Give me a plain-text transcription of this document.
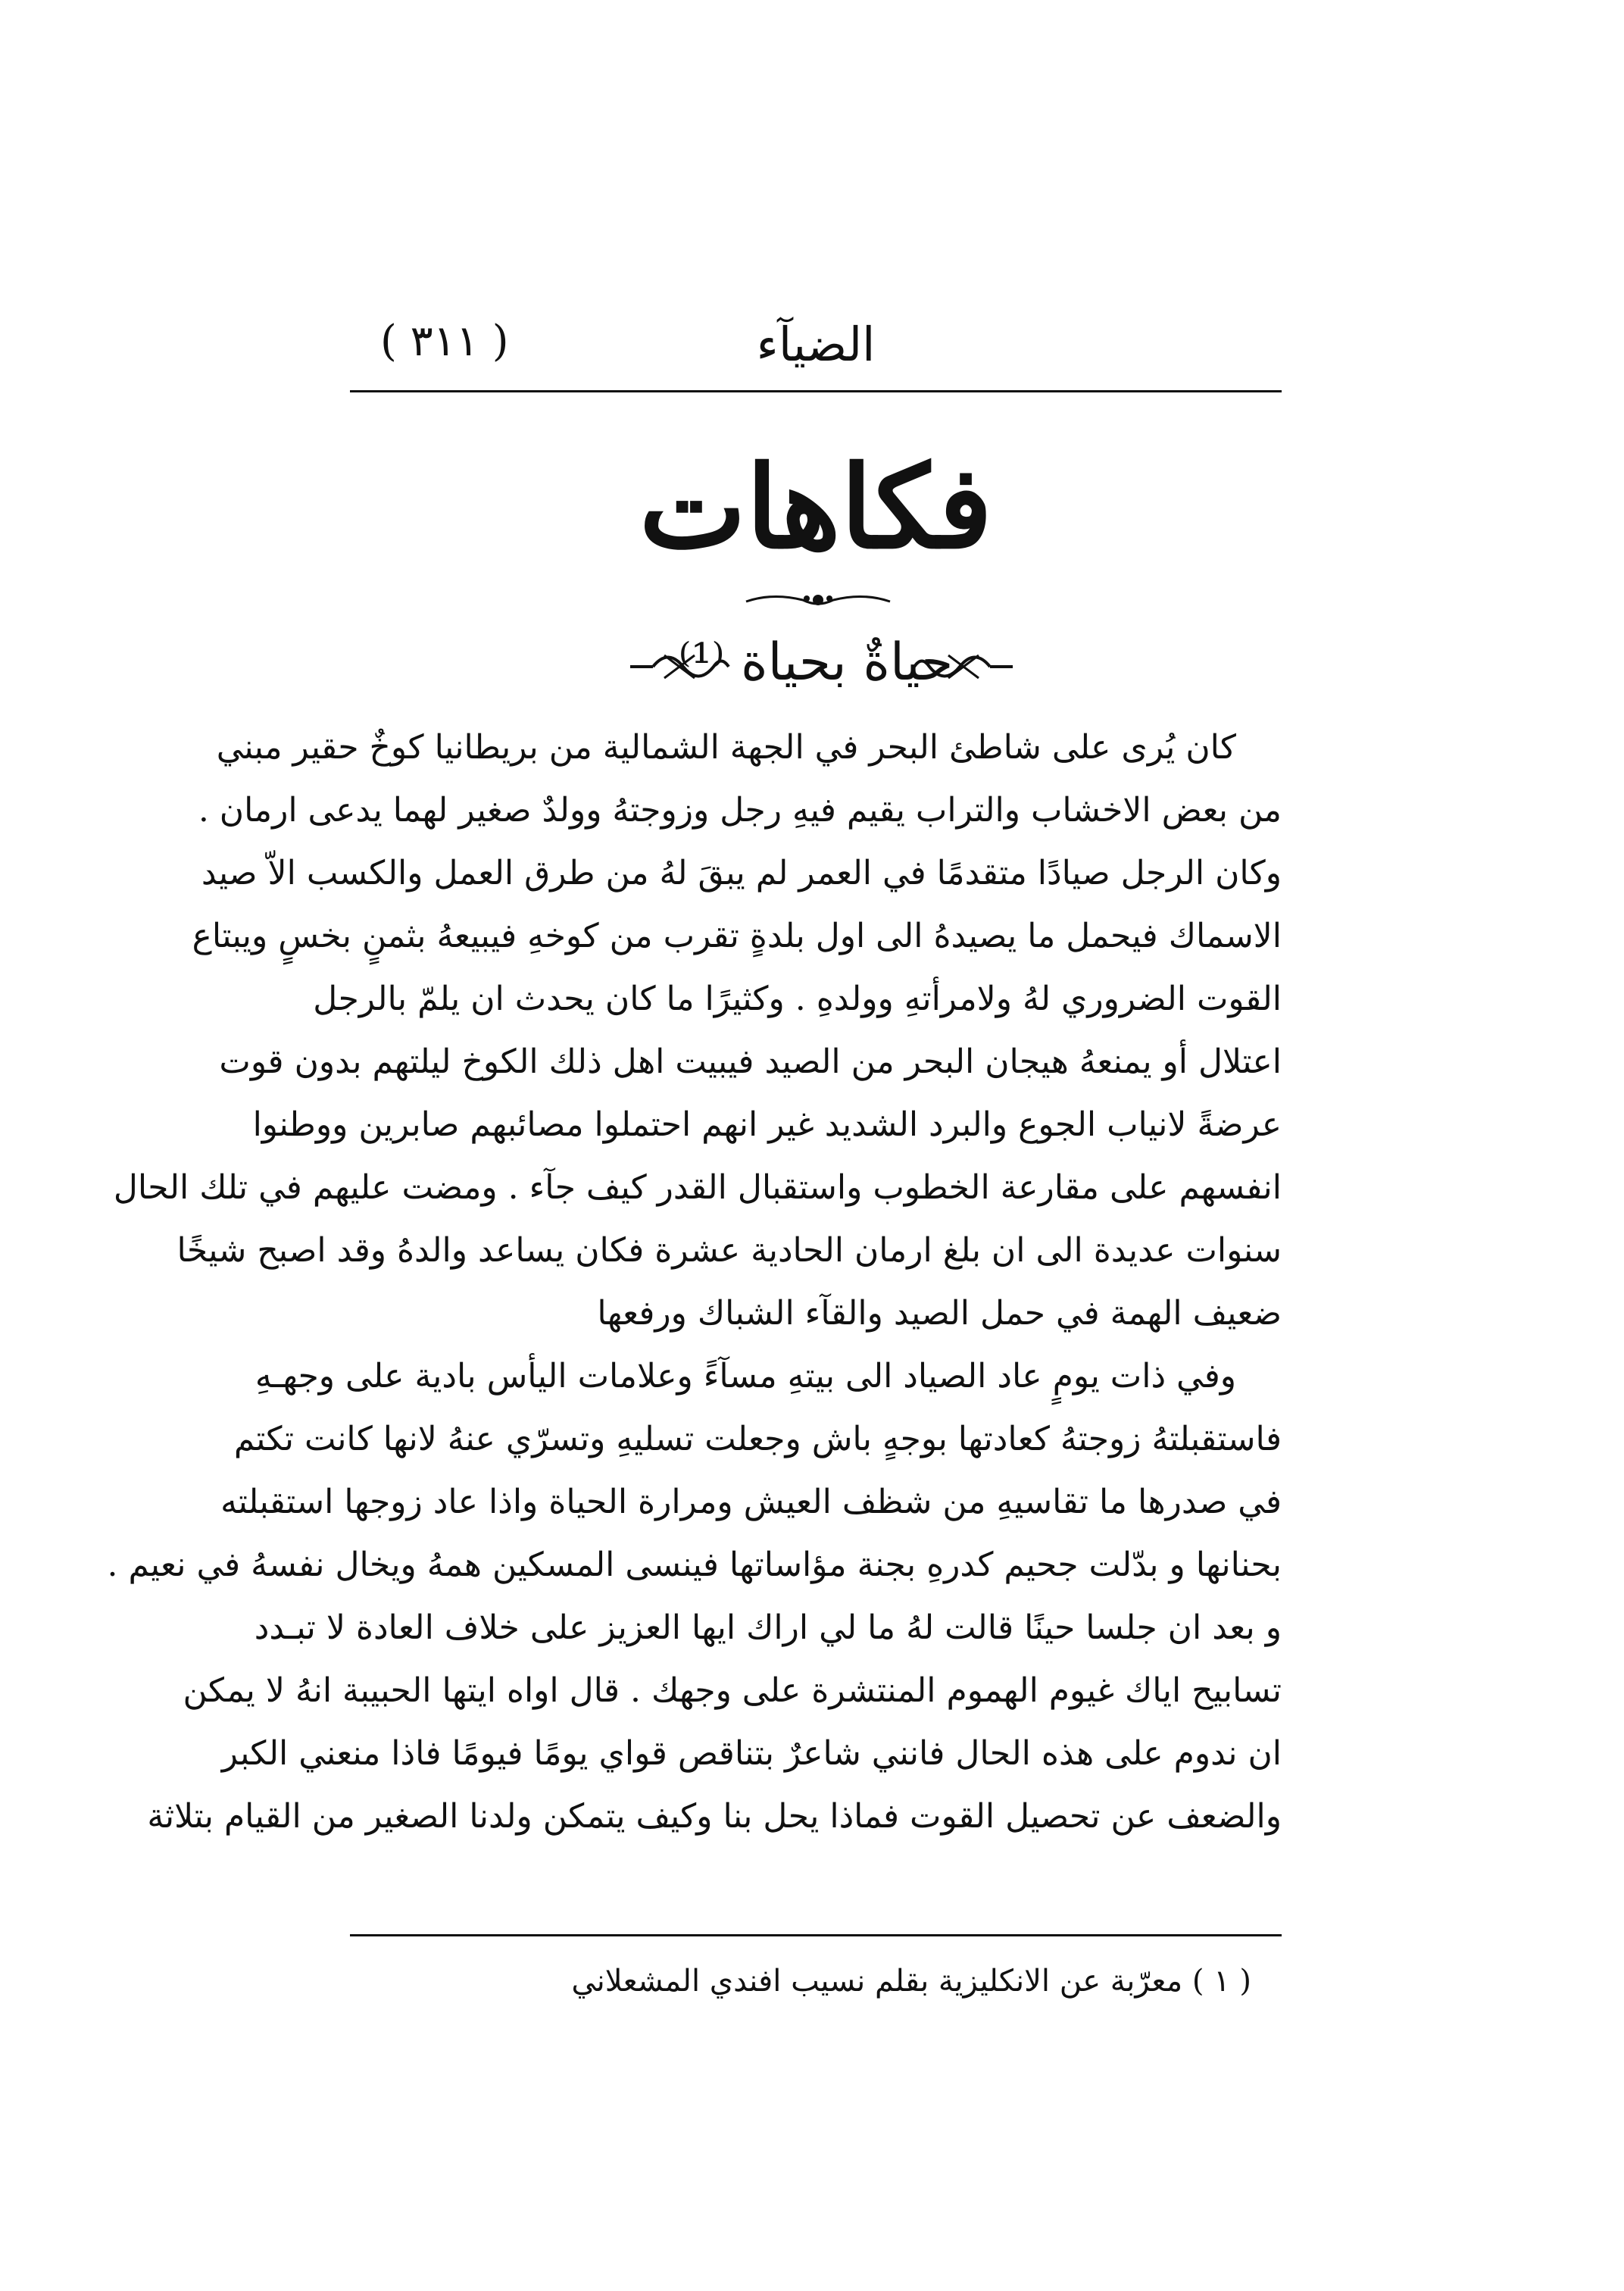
الضيآء
( ٣١١ )
فكاهات
حياةٌ بحياة ⁽¹⁾
كان يُرى على شاطئ البحر في الجهة الشمالية من بريطانيا كوخٌ حقير مبني
من بعض الاخشاب والتراب يقيم فيهِ رجل وزوجتهُ وولدٌ صغير لهما يدعى ارمان .
وكان الرجل صيادًا متقدمًا في العمر لم يبقَ لهُ من طرق العمل والكسب الاّ صيد
الاسماك فيحمل ما يصيدهُ الى اول بلدةٍ تقرب من كوخهِ فيبيعهُ بثمنٍ بخسٍ ويبتاع
القوت الضروري لهُ ولامرأتهِ وولدهِ . وكثيرًا ما كان يحدث ان يلمّ بالرجل
اعتلال أو يمنعهُ هيجان البحر من الصيد فيبيت اهل ذلك الكوخ ليلتهم بدون قوت
عرضةً لانياب الجوع والبرد الشديد غير انهم احتملوا مصائبهم صابرين ووطنوا
انفسهم على مقارعة الخطوب واستقبال القدر كيف جآء . ومضت عليهم في تلك الحال
سنوات عديدة الى ان بلغ ارمان الحادية عشرة فكان يساعد والدهُ وقد اصبح شيخًا
ضعيف الهمة في حمل الصيد والقآء الشباك ورفعها
وفي ذات يومٍ عاد الصياد الى بيتهِ مسآءً وعلامات اليأس بادية على وجهـهِ
فاستقبلتهُ زوجتهُ كعادتها بوجهٍ باش وجعلت تسليهِ وتسرّي عنهُ لانها كانت تكتم
في صدرها ما تقاسيهِ من شظف العيش ومرارة الحياة واذا عاد زوجها استقبلته
بحنانها و بدّلت جحيم كدرهِ بجنة مؤاساتها فينسى المسكين همهُ ويخال نفسهُ في نعيم .
و بعد ان جلسا حينًا قالت لهُ ما لي اراك ايها العزيز على خلاف العادة لا تبـدد
تسابيح اياك غيوم الهموم المنتشرة على وجهك . قال اواه ايتها الحبيبة انهُ لا يمكن
ان ندوم على هذه الحال فانني شاعرٌ بتناقص قواي يومًا فيومًا فاذا منعني الكبر
والضعف عن تحصيل القوت فماذا يحل بنا وكيف يتمكن ولدنا الصغير من القيام بتلاثة
( ١ ) معرّبة عن الانكليزية بقلم نسيب افندي المشعلاني
